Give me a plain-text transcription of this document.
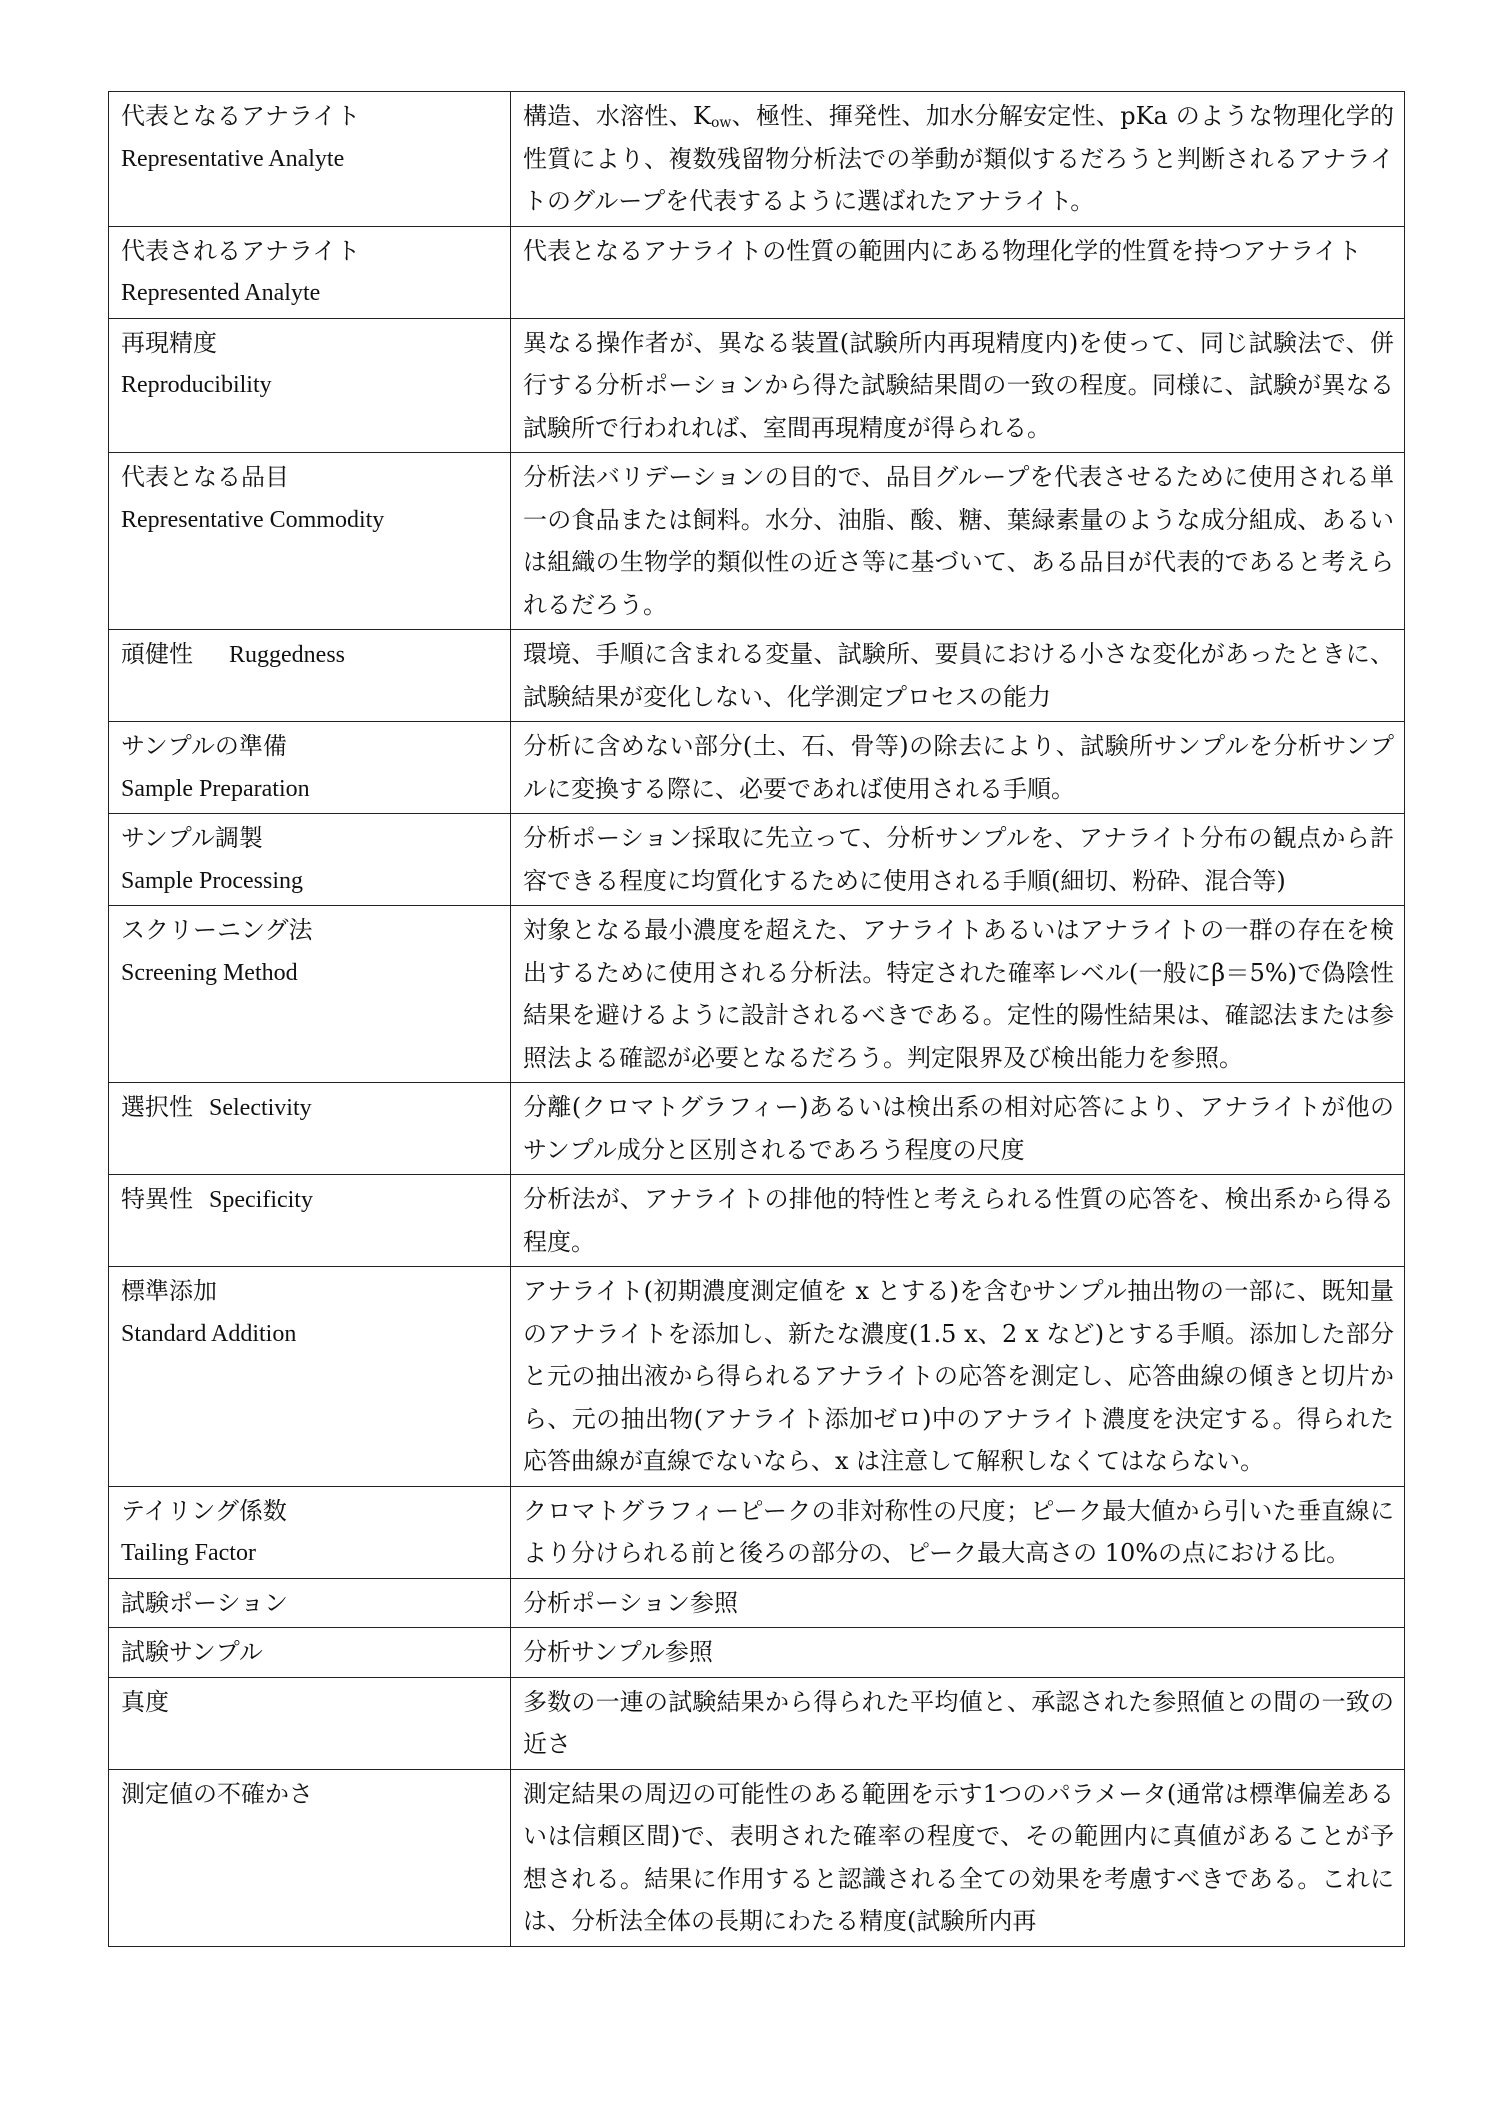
代表となるアナライト
Representative Analyte	構造、水溶性、$K_{ow}$、極性、揮発性、加水分解安定性、pKa のような物理化学的性質により、複数残留物分析法での挙動が類似するだろうと判断されるアナライトのグループを代表するように選ばれたアナライト。
代表されるアナライト
Represented Analyte	代表となるアナライトの性質の範囲内にある物理化学的性質を持つアナライト
再現精度
Reproducibility	異なる操作者が、異なる装置(試験所内再現精度内)を使って、同じ試験法で、併行する分析ポーションから得た試験結果間の一致の程度。同様に、試験が異なる試験所で行われれば、室間再現精度が得られる。
代表となる品目
Representative Commodity	分析法バリデーションの目的で、品目グループを代表させるために使用される単一の食品または飼料。水分、油脂、酸、糖、葉緑素量のような成分組成、あるいは組織の生物学的類似性の近さ等に基づいて、ある品目が代表的であると考えられるだろう。
頑健性 Ruggedness	環境、手順に含まれる変量、試験所、要員における小さな変化があったときに、試験結果が変化しない、化学測定プロセスの能力
サンプルの準備
Sample Preparation	分析に含めない部分(土、石、骨等)の除去により、試験所サンプルを分析サンプルに変換する際に、必要であれば使用される手順。
サンプル調製
Sample Processing	分析ポーション採取に先立って、分析サンプルを、アナライト分布の観点から許容できる程度に均質化するために使用される手順(細切、粉砕、混合等)
スクリーニング法
Screening Method	対象となる最小濃度を超えた、アナライトあるいはアナライトの一群の存在を検出するために使用される分析法。特定された確率レベル(一般にβ＝5%)で偽陰性結果を避けるように設計されるべきである。定性的陽性結果は、確認法または参照法よる確認が必要となるだろう。判定限界及び検出能力を参照。
選択性 Selectivity	分離(クロマトグラフィー)あるいは検出系の相対応答により、アナライトが他のサンプル成分と区別されるであろう程度の尺度
特異性 Specificity	分析法が、アナライトの排他的特性と考えられる性質の応答を、検出系から得る程度。
標準添加
Standard Addition	アナライト(初期濃度測定値を x とする)を含むサンプル抽出物の一部に、既知量のアナライトを添加し、新たな濃度(1.5 x、2 x など)とする手順。添加した部分と元の抽出液から得られるアナライトの応答を測定し、応答曲線の傾きと切片から、元の抽出物(アナライト添加ゼロ)中のアナライト濃度を決定する。得られた応答曲線が直線でないなら、x は注意して解釈しなくてはならない。
テイリング係数
Tailing Factor	クロマトグラフィーピークの非対称性の尺度；ピーク最大値から引いた垂直線により分けられる前と後ろの部分の、ピーク最大高さの 10%の点における比。
試験ポーション	分析ポーション参照
試験サンプル	分析サンプル参照
真度	多数の一連の試験結果から得られた平均値と、承認された参照値との間の一致の近さ
測定値の不確かさ	測定結果の周辺の可能性のある範囲を示す1つのパラメータ(通常は標準偏差あるいは信頼区間)で、表明された確率の程度で、その範囲内に真値があることが予想される。結果に作用すると認識される全ての効果を考慮すべきである。これには、分析法全体の長期にわたる精度(試験所内再
